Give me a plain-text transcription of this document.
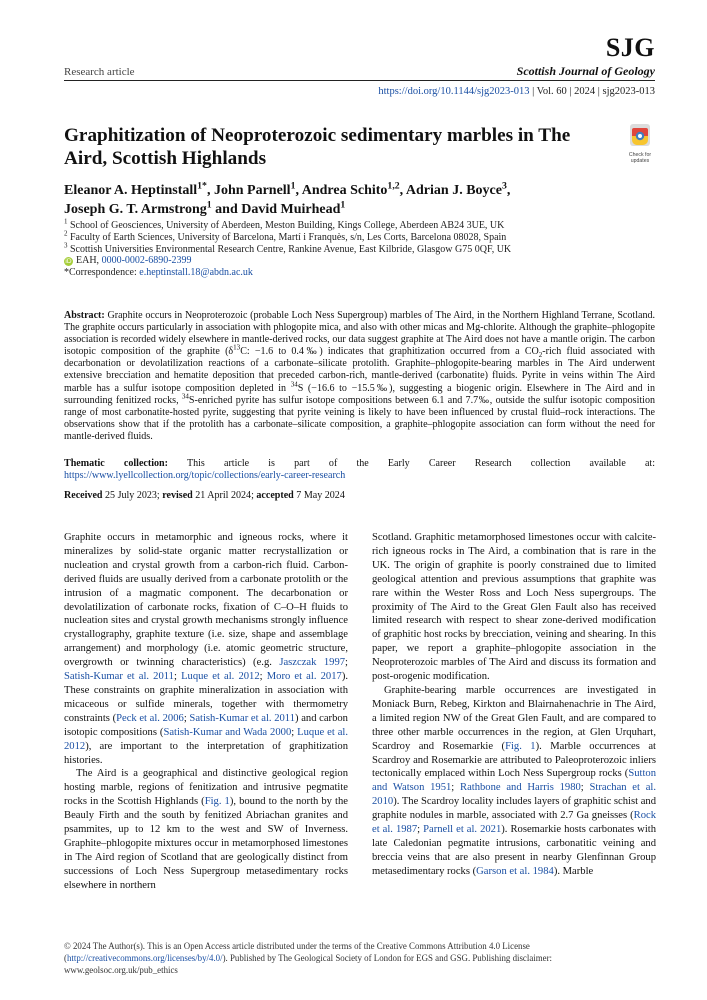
SJG
Scottish Journal of Geology
Research article
https://doi.org/10.1144/sjg2023-013 | Vol. 60 | 2024 | sjg2023-013
Graphitization of Neoproterozoic sedimentary marbles in The Aird, Scottish Highlands	Check for
updates
Eleanor A. Heptinstall$^{1*}$, John Parnell$^1$, Andrea Schito$^{1,2}$, Adrian J. Boyce$^3$,
Joseph G. T. Armstrong$^1$ and David Muirhead$^1$
$^1$ School of Geosciences, University of Aberdeen, Meston Building, Kings College, Aberdeen AB24 3UE, UK
$^2$ Faculty of Earth Sciences, University of Barcelona, Martí i Franquès, s/n, Les Corts, Barcelona 08028, Spain
$^3$ Scottish Universities Environmental Research Centre, Rankine Avenue, East Kilbride, Glasgow G75 0QF, UK
iD EAH, 0000-0002-6890-2399
*Correspondence: e.heptinstall.18@abdn.ac.uk
Abstract: Graphite occurs in Neoproterozoic (probable Loch Ness Supergroup) marbles of The Aird, in the Northern Highland Terrane, Scotland. The graphite occurs particularly in association with phlogopite mica, and also with other micas and Mg-chlorite. Although the graphite–phlogopite association is recorded widely elsewhere in mantle-derived rocks, our data suggest graphite at The Aird does not have a mantle origin. The carbon isotopic composition of the graphite ($\delta^{13}C$: −1.6 to 0.4‰) indicates that graphitization occurred from a $CO_2$-rich fluid associated with decarbonation or devolatilization reactions of a carbonate–silicate protolith. Graphite–phlogopite-bearing marbles in The Aird underwent extensive brecciation and hematite deposition that preceded carbon-rich, mantle-derived (carbonatite) fluids. Pyrite in veins within The Aird marble has a sulfur isotope composition depleted in $^{34}$S (−16.6 to −15.5‰), suggesting a biogenic origin. Elsewhere in The Aird and in surrounding fenitized rocks, $^{34}$S-enriched pyrite has sulfur isotope compositions between 6.1 and 7.7‰, outside the sulfur isotopic composition range of most carbonatite-hosted pyrite, suggesting that pyrite veining is likely to have been influenced by crustal fluid–rock interactions. The observations show that if the protolith has a carbonate–silicate composition, a graphite–phlogopite association can form without the need for mantle-derived fluids.
Thematic collection: This article is part of the Early Career Research collection available at: https://www.lyellcollection.org/topic/collections/early-career-research
Received 25 July 2023; revised 21 April 2024; accepted 7 May 2024

Graphite occurs in metamorphic and igneous rocks, where it mineralizes by solid-state organic matter recrystallization or nucleation and crystal growth from a carbon-rich fluid. Carbon-derived fluids are usually derived from a carbonate protolith or the intrusion of a magmatic component. The decarbonation or devolatilization of carbonate rocks, fixation of C–O–H fluids to nucleation sites and crystal growth mechanisms strongly influence crystallography, graphite texture (i.e. size, shape and assemblage arrangement) and morphology (i.e. atomic geometric structure, overgrowth or twinning characteristics) (e.g. Jaszczak 1997; Satish-Kumar et al. 2011; Luque et al. 2012; Moro et al. 2017). These constraints on graphite mineralization in association with micaceous or sulfide minerals, together with thermometry constraints (Peck et al. 2006; Satish-Kumar et al. 2011) and carbon isotopic compositions (Satish-Kumar and Wada 2000; Luque et al. 2012), are important to the interpretation of graphitization histories.

The Aird is a geographical and distinctive geological region hosting marble, regions of fenitization and intrusive pegmatite rocks in the Scottish Highlands (Fig. 1), bound to the north by the Beauly Firth and the south by fenitized Abriachan granites and psammites, up to 12 km to the west and SW of Inverness. Graphite–phlogopite mixtures occur in metamorphosed limestones in The Aird region of Scotland that are geologically distinct from successions of Loch Ness Supergroup metasedimentary rocks elsewhere in northern

Scotland. Graphitic metamorphosed limestones occur with calcite-rich igneous rocks in The Aird, a combination that is rare in the UK. The origin of graphite is poorly constrained due to limited geological attention and previous assumptions that graphite was rare within the Wester Ross and Loch Ness supergroups. The proximity of The Aird to the Great Glen Fault also has received limited research with respect to shear zone-derived modification of graphitic host rocks by brecciation, veining and shearing. In this paper, we report a graphite–phlogopite association in the Neoproterozoic marbles of The Aird and discuss its formation and post-orogenic modification.

Graphite-bearing marble occurrences are investigated in Moniack Burn, Rebeg, Kirkton and Blairnahenachrie in The Aird, a limited region NW of the Great Glen Fault, and are compared to three other marble occurrences in the region, at Glen Urquhart, Scardroy and Rosemarkie (Fig. 1). Marble occurrences at Scardroy and Rosemarkie are attributed to Paleoproterozoic inliers tectonically emplaced within Loch Ness Supergroup rocks (Sutton and Watson 1951; Rathbone and Harris 1980; Strachan et al. 2010). The Scardroy locality includes layers of graphitic schist and graphite nodules in marble, associated with 2.7 Ga gneisses (Rock et al. 1987; Parnell et al. 2021). Rosemarkie hosts carbonates with late Caledonian pegmatite intrusions, carbonatitic veining and breccia veins that are also present in nearby Glenfinnan Group metasedimentary rocks (Garson et al. 1984). Marble

© 2024 The Author(s). This is an Open Access article distributed under the terms of the Creative Commons Attribution 4.0 License (http://creativecommons.org/licenses/by/4.0/). Published by The Geological Society of London for EGS and GSG. Publishing disclaimer: www.geolsoc.org.uk/pub_ethics
